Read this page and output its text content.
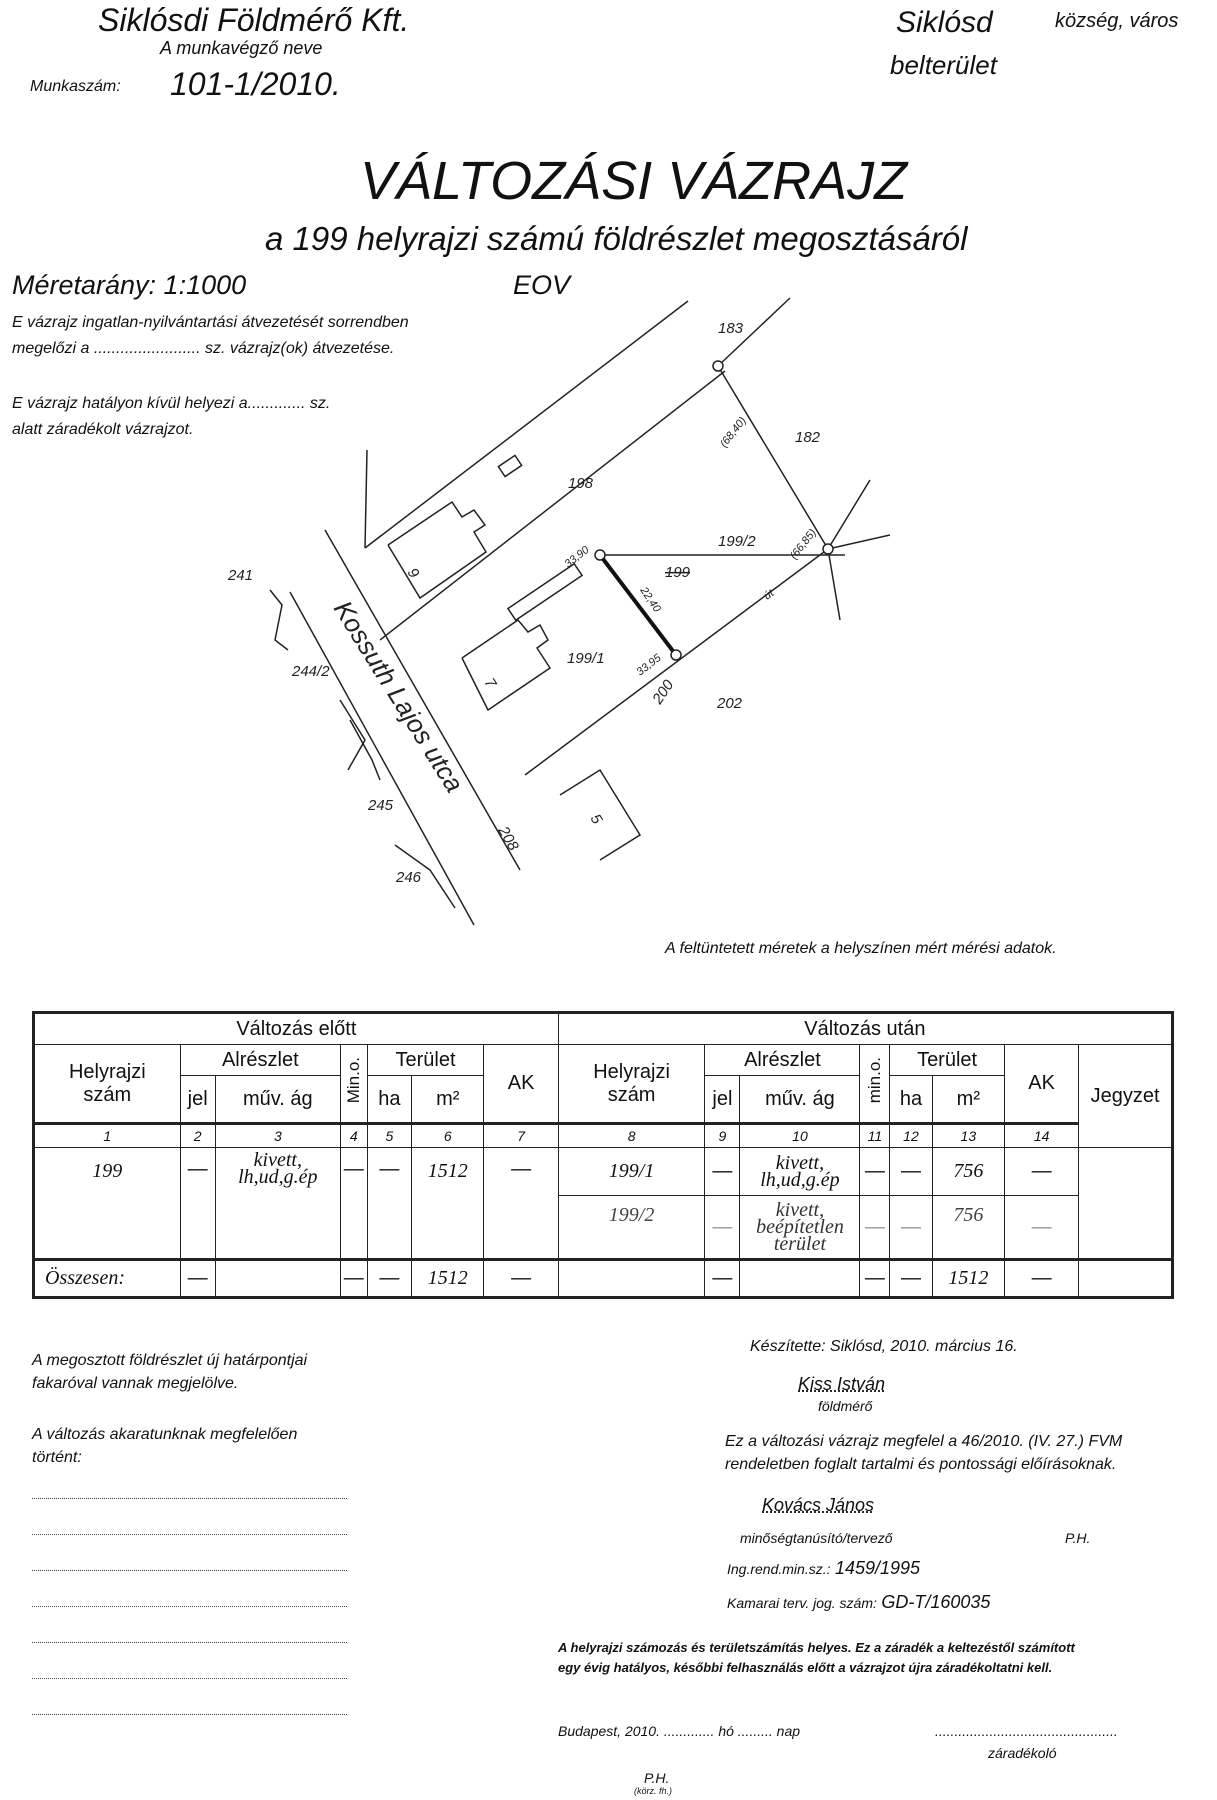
Siklósdi Földmérő Kft.
A munkavégző neve
Munkaszám: 101-1/2010.
Siklósd	község, város
belterület
VÁLTOZÁSI VÁZRAJZ
a 199 helyrajzi számú földrészlet megosztásáról
Méretarány: 1:1000	EOV
E vázrajz ingatlan-nyilvántartási átvezetését sorrendben
megelőzi a ........................ sz. vázrajz(ok) átvezetése.
E vázrajz hatályon kívül helyezi a............. sz.
alatt záradékolt vázrajzot.
183
182
198
199/2
199
199/1
202
241
244/2
245
246
208
9
7
5
út
200
(68,40)
(66,85)
33,90
22,40
33,95
Kossuth Lajos utca
A feltüntetett méretek a helyszínen mért mérési adatok.
Változás előtt							Változás után							
Helyrajzi
szám	Alrészlet		Min.o.	Terület		AK	Helyrajzi
szám	Alrészlet		min.o.	Terület		AK	Jegyzet
	jel	műv. ág		ha	m²			jel	műv. ág		ha	m²		
1	2	3	4	5	6	7	8	9	10	11	12	13	14	
199	—	kivett,
lh,ud,g.ép	—	—	1512	—	199/1	—	kivett,
lh,ud,g.ép	—	—	756	—	
							199/2	—	kivett,
beépítetlen
terület	—	—	756	—	
Összesen:	—		—	—	1512	—		—		—	—	1512	—	
A megosztott földrészlet új határpontjai
fakaróval vannak megjelölve.
A változás akaratunknak megfelelően
történt:
Készítette: Siklósd, 2010. március 16.
Kiss István
földmérő
Ez a változási vázrajz megfelel a 46/2010. (IV. 27.) FVM
rendeletben foglalt tartalmi és pontossági előírásoknak.
Kovács János
minőségtanúsító/tervező	P.H.
Ing.rend.min.sz.: 1459/1995
Kamarai terv. jog. szám: GD-T/160035
A helyrajzi számozás és területszámítás helyes. Ez a záradék a keltezéstől számított
egy évig hatályos, későbbi felhasználás előtt a vázrajzot újra záradékoltatni kell.
Budapest, 2010. ............. hó ......... nap	...............................................
záradékoló
P.H.
(körz. fh.)
